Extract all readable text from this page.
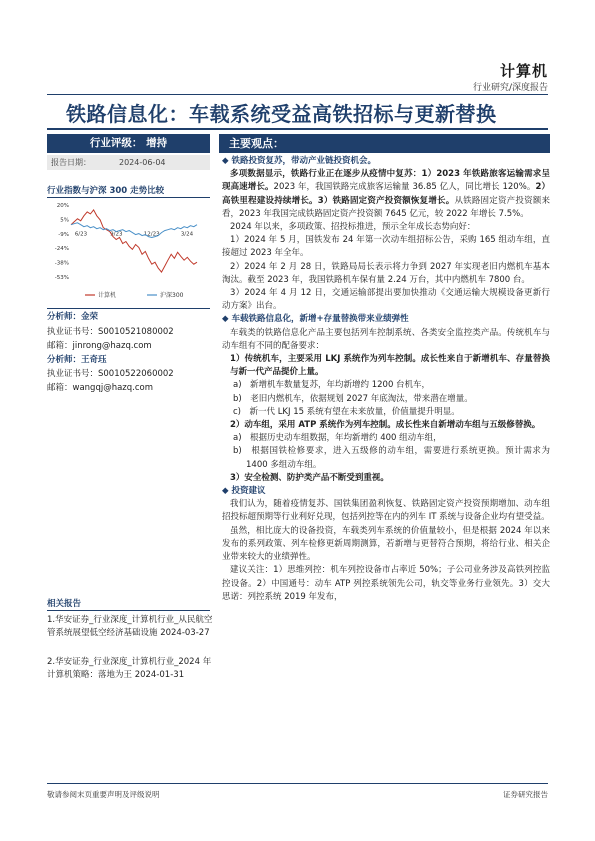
计算机
行业研究/深度报告
铁路信息化：车载系统受益高铁招标与更新替换
行业评级： 增持
报告日期：	2024-06-04
行业指数与沪深 300 走势比较
20%
5%
-9%
-24%
-38%
-53%
6/23	9/23	12/23	3/24
计算机	沪深300
分析师：金荣
执业证书号：S0010521080002
邮箱：jinrong@hazq.com
分析师：王奇珏
执业证书号：S0010522060002
邮箱：wangqj@hazq.com
相关报告
1.华安证券_行业深度_计算机行业_从民航空管系统展望低空经济基础设施 2024-03-27
2.华安证券_行业深度_计算机行业_2024 年计算机策略：落地为王 2024-01-31
主要观点：

◆ 铁路投资复苏，带动产业链投资机会。

多项数据显示，铁路行业正在逐步从疫情中复苏：1）2023 年铁路旅客运输需求呈现高速增长。2023 年，我国铁路完成旅客运输量 36.85 亿人，同比增长 120%。2）高铁里程建设持续增长。3）铁路固定资产投资额恢复增长。从铁路固定资产投资额来看，2023 年我国完成铁路固定资产投资额 7645 亿元，较 2022 年增长 7.5%。

2024 年以来，多项政策、招投标推进，预示全年成长态势向好：

1）2024 年 5 月，国铁发布 24 年第一次动车组招标公告，采购 165 组动车组，直接超过 2023 年全年。

2）2024 年 2 月 28 日，铁路局局长表示将力争到 2027 年实现老旧内燃机车基本淘汰。截至 2023 年，我国铁路机车保有量 2.24 万台，其中内燃机车 7800 台。

3）2024 年 4 月 12 日，交通运输部提出要加快推动《交通运输大规模设备更新行动方案》出台。

◆ 车载铁路信息化，新增+存量替换带来业绩弹性

车载类的铁路信息化产品主要包括列车控制系统、各类安全监控类产品。传统机车与动车组有不同的配备要求：

1）传统机车，主要采用 LKJ 系统作为列车控制。成长性来自于新增机车、存量替换与新一代产品提价上量。

a)　新增机车数量复苏，年均新增约 1200 台机车，

b)　老旧内燃机车，依据规划 2027 年底淘汰，带来潜在增量。

c)　新一代 LKJ 15 系统有望在未来放量，价值量提升明显。

2）动车组，采用 ATP 系统作为列车控制。成长性来自新增动车组与五级修替换。

a)　根据历史动车组数据，年均新增约 400 组动车组，

b)　根据国铁检修要求，进入五级修的动车组，需要进行系统更换。预计需求为 1400 多组动车组。

3）安全检测、防护类产品不断受到重视。

◆ 投资建议

我们认为，随着疫情复苏、国铁集团盈利恢复、铁路固定资产投资预期增加、动车组招投标超预期等行业利好兑现，包括列控等在内的列车 IT 系统与设备企业均有望受益。

虽然，相比庞大的设备投资，车载类列车系统的价值量较小，但是根据 2024 年以来发布的系列政策、列车检修更新周期测算，若新增与更替符合预期，将给行业、相关企业带来较大的业绩弹性。

建议关注：1）思维列控：机车列控设备市占率近 50%；子公司业务涉及高铁列控监控设备。2）中国通号：动车 ATP 列控系统领先公司，轨交等业务行业领先。3）交大思诺：列控系统 2019 年发布，

敬请参阅末页重要声明及评级说明	证券研究报告
